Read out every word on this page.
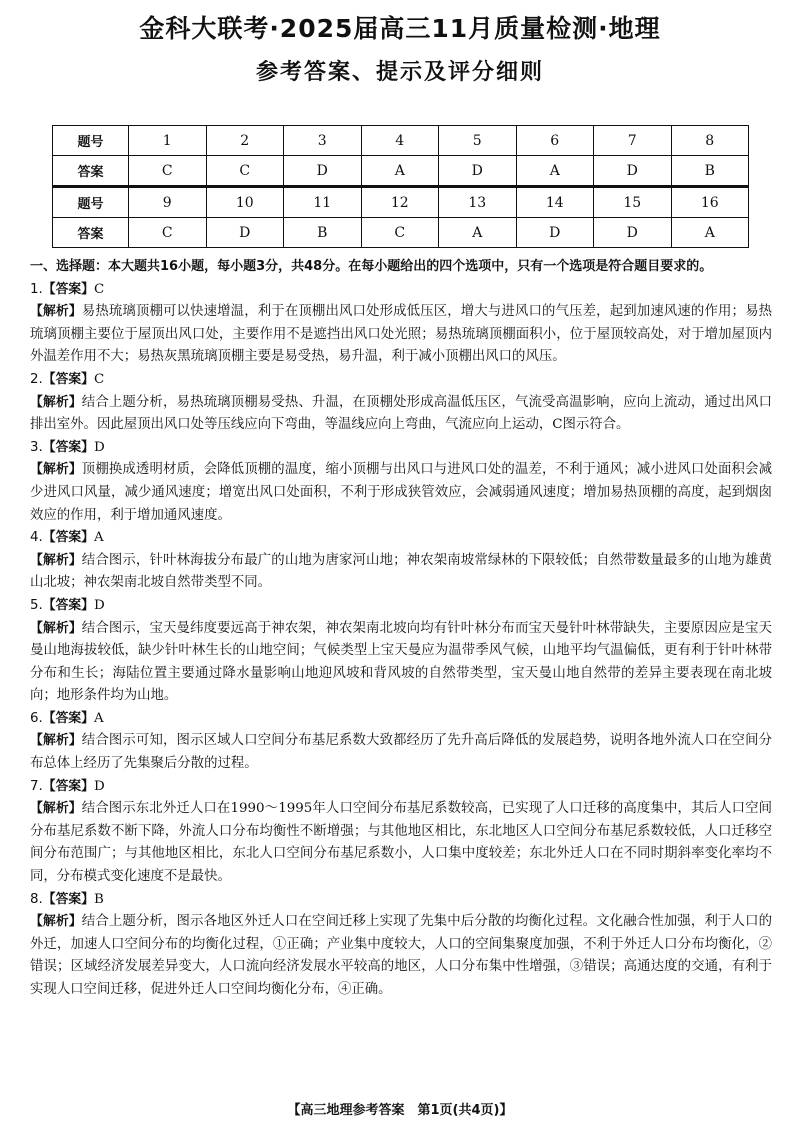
金科大联考·2025届高三11月质量检测·地理
参考答案、提示及评分细则
题号	1	2	3	4	5	6	7	8
答案	C	C	D	A	D	A	D	B
题号	9	10	11	12	13	14	15	16
答案	C	D	B	C	A	D	D	A

一、选择题：本大题共16小题，每小题3分，共48分。在每小题给出的四个选项中，只有一个选项是符合题目要求的。

1.【答案】C

【解析】易热琉璃顶棚可以快速增温，利于在顶棚出风口处形成低压区，增大与进风口的气压差，起到加速风速的作用；易热琉璃顶棚主要位于屋顶出风口处，主要作用不是遮挡出风口处光照；易热琉璃顶棚面积小，位于屋顶较高处，对于增加屋顶内外温差作用不大；易热灰黑琉璃顶棚主要是易受热，易升温，利于减小顶棚出风口的风压。

2.【答案】C

【解析】结合上题分析，易热琉璃顶棚易受热、升温，在顶棚处形成高温低压区，气流受高温影响，应向上流动，通过出风口排出室外。因此屋顶出风口处等压线应向下弯曲，等温线应向上弯曲，气流应向上运动，C图示符合。

3.【答案】D

【解析】顶棚换成透明材质，会降低顶棚的温度，缩小顶棚与出风口与进风口处的温差，不利于通风；减小进风口处面积会减少进风口风量，减少通风速度；增宽出风口处面积，不利于形成狭管效应，会减弱通风速度；增加易热顶棚的高度，起到烟囱效应的作用，利于增加通风速度。

4.【答案】A

【解析】结合图示，针叶林海拔分布最广的山地为唐家河山地；神农架南坡常绿林的下限较低；自然带数量最多的山地为雄黄山北坡；神农架南北坡自然带类型不同。

5.【答案】D

【解析】结合图示，宝天曼纬度要远高于神农架，神农架南北坡向均有针叶林分布而宝天曼针叶林带缺失，主要原因应是宝天曼山地海拔较低，缺少针叶林生长的山地空间；气候类型上宝天曼应为温带季风气候，山地平均气温偏低，更有利于针叶林带分布和生长；海陆位置主要通过降水量影响山地迎风坡和背风坡的自然带类型，宝天曼山地自然带的差异主要表现在南北坡向；地形条件均为山地。

6.【答案】A

【解析】结合图示可知，图示区域人口空间分布基尼系数大致都经历了先升高后降低的发展趋势，说明各地外流人口在空间分布总体上经历了先集聚后分散的过程。

7.【答案】D

【解析】结合图示东北外迁人口在1990～1995年人口空间分布基尼系数较高，已实现了人口迁移的高度集中，其后人口空间分布基尼系数不断下降，外流人口分布均衡性不断增强；与其他地区相比，东北地区人口空间分布基尼系数较低，人口迁移空间分布范围广；与其他地区相比，东北人口空间分布基尼系数小，人口集中度较差；东北外迁人口在不同时期斜率变化率均不同，分布模式变化速度不是最快。

8.【答案】B

【解析】结合上题分析，图示各地区外迁人口在空间迁移上实现了先集中后分散的均衡化过程。文化融合性加强，利于人口的外迁，加速人口空间分布的均衡化过程，①正确；产业集中度较大，人口的空间集聚度加强，不利于外迁人口分布均衡化，②错误；区域经济发展差异变大，人口流向经济发展水平较高的地区，人口分布集中性增强，③错误；高通达度的交通，有利于实现人口空间迁移，促进外迁人口空间均衡化分布，④正确。

【高三地理参考答案　第1页(共4页)】
